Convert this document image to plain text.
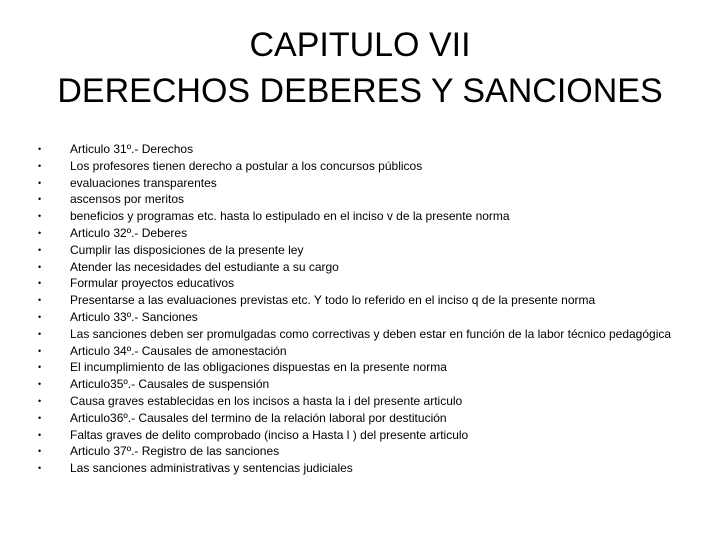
CAPITULO VII
DERECHOS DEBERES Y SANCIONES
•	Articulo 31º.- Derechos
•	Los profesores tienen derecho a postular a los concursos públicos
•	evaluaciones transparentes
•	ascensos por meritos
•	beneficios y programas etc. hasta lo estipulado en el inciso v de la presente norma
•	Articulo 32º.- Deberes
•	Cumplir las disposiciones de la presente ley
•	Atender las necesidades del estudiante a su cargo
•	Formular proyectos educativos
•	Presentarse a las evaluaciones previstas etc. Y todo lo referido en el inciso q de la presente norma
•	Articulo 33º.- Sanciones
•	Las sanciones deben ser promulgadas como correctivas y deben estar en función de la labor técnico pedagógica
•	Articulo 34º.- Causales de amonestación
•	El incumplimiento de las obligaciones dispuestas en la presente norma
•	Articulo35º.- Causales de suspensión
•	Causa graves establecidas en los incisos a hasta la i del presente articulo
•	Articulo36º.- Causales del termino de la relación laboral por destitución
•	Faltas graves de delito comprobado (inciso a Hasta l ) del presente articulo
•	Articulo 37º.- Registro de las sanciones
•	Las sanciones administrativas y sentencias judiciales
